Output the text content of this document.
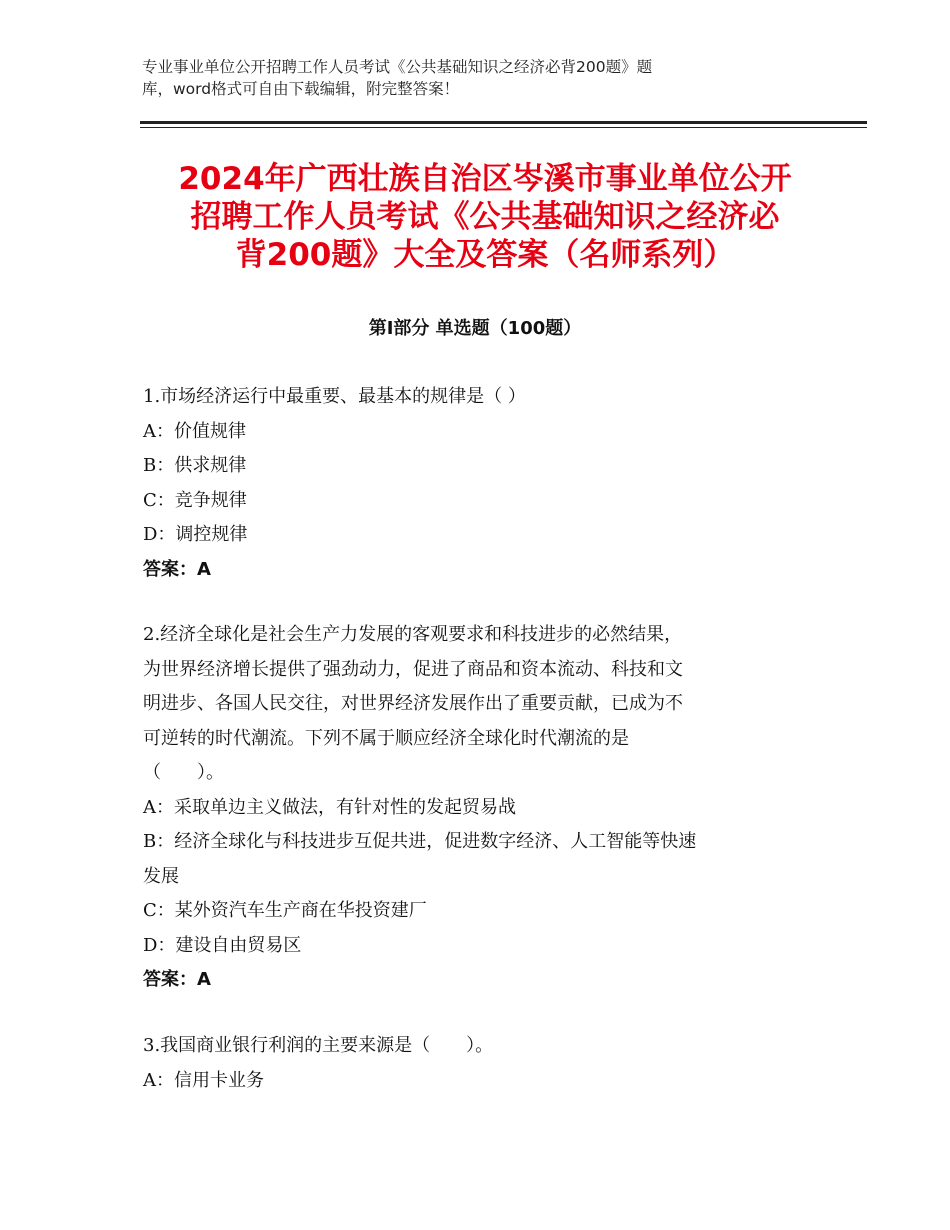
专业事业单位公开招聘工作人员考试《公共基础知识之经济必背200题》题
库，word格式可自由下载编辑，附完整答案！
2024年广西壮族自治区岑溪市事业单位公开
招聘工作人员考试《公共基础知识之经济必
背200题》大全及答案（名师系列）
第Ⅰ部分 单选题（100题）
1.市场经济运行中最重要、最基本的规律是（ ）
A：价值规律
B：供求规律
C：竞争规律
D：调控规律
答案：A
2.经济全球化是社会生产力发展的客观要求和科技进步的必然结果，
为世界经济增长提供了强劲动力，促进了商品和资本流动、科技和文
明进步、各国人民交往，对世界经济发展作出了重要贡献，已成为不
可逆转的时代潮流。下列不属于顺应经济全球化时代潮流的是
（　　）。
A：采取单边主义做法，有针对性的发起贸易战
B：经济全球化与科技进步互促共进，促进数字经济、人工智能等快速
发展
C：某外资汽车生产商在华投资建厂
D：建设自由贸易区
答案：A
3.我国商业银行利润的主要来源是（　　）。
A：信用卡业务
